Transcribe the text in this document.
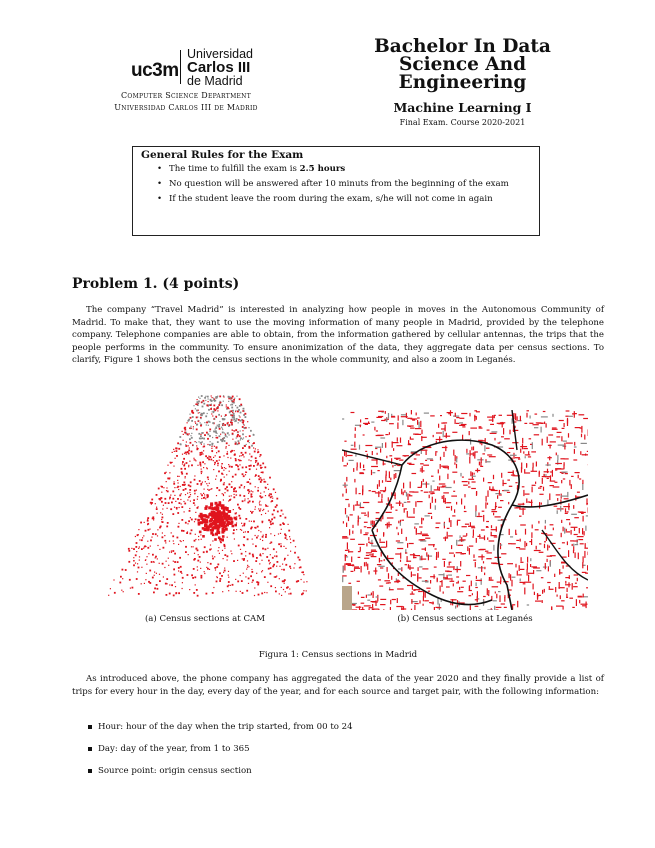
uc3m
Universidad
Carlos III
de Madrid
Computer Science Department
Universidad Carlos III de Madrid
Bachelor In Data
Science And
Engineering
Machine Learning I
Final Exam. Course 2020-2021
General Rules for the Exam
• The time to fulfill the exam is 2.5 hours
• No question will be answered after 10 minuts from the beginning of the exam
• If the student leave the room during the exam, s/he will not come in again
Problem 1. (4 points)

The company “Travel Madrid” is interested in analyzing how people in moves in the Autonomous Community of Madrid. To make that, they want to use the moving information of many people in Madrid, provided by the telephone company. Telephone companies are able to obtain, from the information gathered by cellular antennas, the trips that the people performs in the community. To ensure anonimization of the data, they aggregate data per census sections. To clarify, Figure 1 shows both the census sections in the whole community, and also a zoom in Leganés.

(a) Census sections at CAM	(b) Census sections at Leganés
Figura 1: Census sections in Madrid

As introduced above, the phone company has aggregated the data of the year 2020 and they finally provide a list of trips for every hour in the day, every day of the year, and for each source and target pair, with the following information:

Hour: hour of the day when the trip started, from 00 to 24
Day: day of the year, from 1 to 365
Source point: origin census section
